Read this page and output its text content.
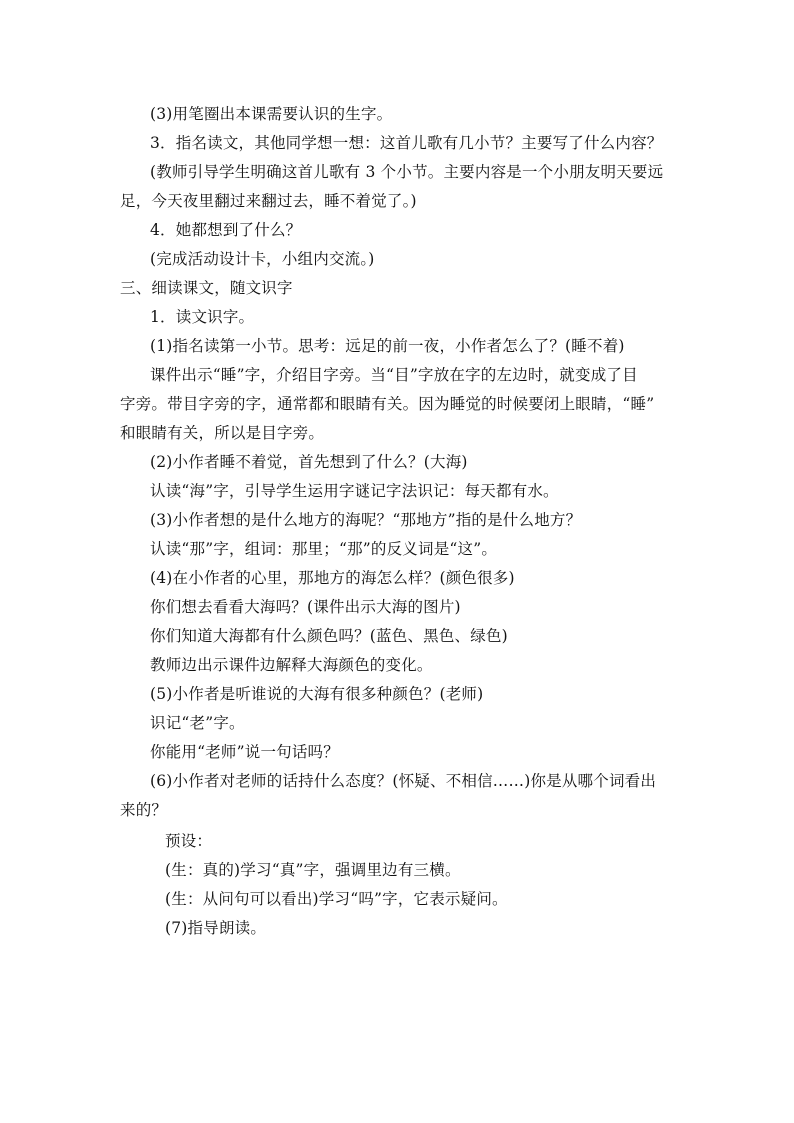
(3)用笔圈出本课需要认识的生字。
3．指名读文，其他同学想一想：这首儿歌有几小节？主要写了什么内容？
(教师引导学生明确这首儿歌有 3 个小节。主要内容是一个小朋友明天要远
足，今天夜里翻过来翻过去，睡不着觉了。)
4．她都想到了什么？
(完成活动设计卡，小组内交流。)
三、细读课文，随文识字
1．读文识字。
(1)指名读第一小节。思考：远足的前一夜，小作者怎么了？(睡不着)
课件出示“睡”字，介绍目字旁。当“目”字放在字的左边时，就变成了目
字旁。带目字旁的字，通常都和眼睛有关。因为睡觉的时候要闭上眼睛，“睡”
和眼睛有关，所以是目字旁。
(2)小作者睡不着觉，首先想到了什么？(大海)
认读“海”字，引导学生运用字谜记字法识记：每天都有水。
(3)小作者想的是什么地方的海呢？“那地方”指的是什么地方？
认读“那”字，组词：那里；“那”的反义词是“这”。
(4)在小作者的心里，那地方的海怎么样？(颜色很多)
你们想去看看大海吗？(课件出示大海的图片)
你们知道大海都有什么颜色吗？(蓝色、黑色、绿色)
教师边出示课件边解释大海颜色的变化。
(5)小作者是听谁说的大海有很多种颜色？(老师)
识记“老”字。
你能用“老师”说一句话吗？
(6)小作者对老师的话持什么态度？(怀疑、不相信……)你是从哪个词看出
来的？
预设：
(生：真的)学习“真”字，强调里边有三横。
(生：从问句可以看出)学习“吗”字，它表示疑问。
(7)指导朗读。
